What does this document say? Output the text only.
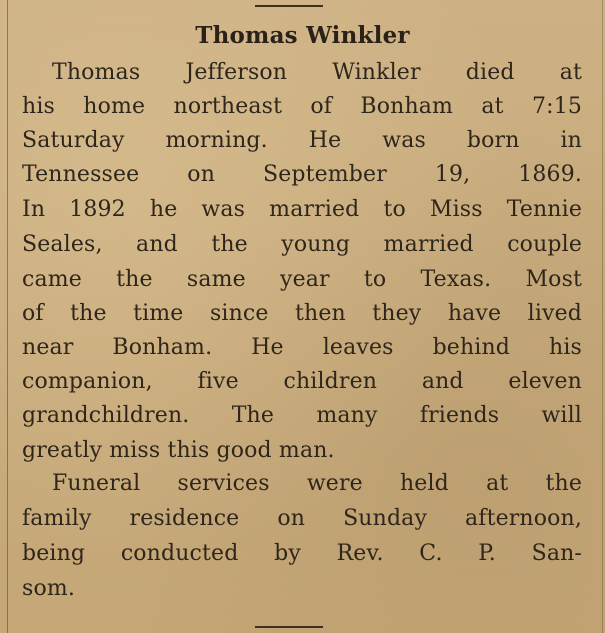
Thomas Winkler
Thomas Jefferson Winkler died at
his home northeast of Bonham at 7:15
Saturday morning. He was born in
Tennessee on September 19, 1869.
In 1892 he was married to Miss Tennie
Seales, and the young married couple
came the same year to Texas. Most
of the time since then they have lived
near Bonham. He leaves behind his
companion, five children and eleven
grandchildren. The many friends will
greatly miss this good man.
Funeral services were held at the
family residence on Sunday afternoon,
being conducted by Rev. C. P. San-
som.
